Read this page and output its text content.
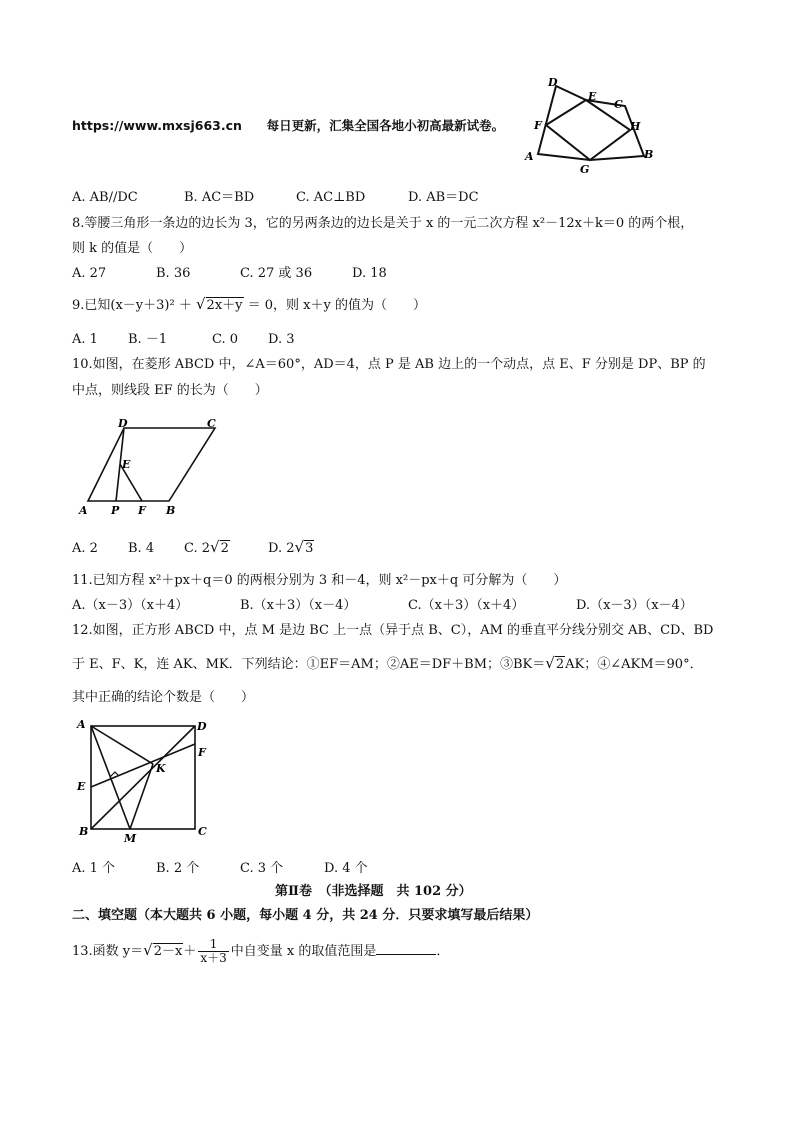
https://www.mxsj663.cn 每日更新，汇集全国各地小初高最新试卷。
D
E
C
F	H
A
G
B
A. AB//DC	B. AC＝BD	C. AC⊥BD	D. AB＝DC
8.等腰三角形一条边的边长为 3，它的另两条边的边长是关于 x 的一元二次方程 x²－12x＋k＝0 的两个根，
则 k 的值是（　　）
A. 27	B. 36	C. 27 或 36	D. 18
9.已知(x－y＋3)² ＋ √2x＋y ＝ 0，则 x＋y 的值为（　　）
A. 1 B. －1	C. 0 D. 3
10.如图，在菱形 ABCD 中，∠A＝60°，AD＝4，点 P 是 AB 边上的一个动点，点 E、F 分别是 DP、BP 的
中点，则线段 EF 的长为（　　）
D	C
E
A P F B
A. 2 B. 4 C. 2√2	D. 2√3
11.已知方程 x²＋px＋q＝0 的两根分别为 3 和－4，则 x²－px＋q 可分解为（　　）
A.（x－3）（x＋4）	B.（x＋3）（x－4）	C.（x＋3）（x＋4）	D.（x－3）（x－4）
12.如图，正方形 ABCD 中，点 M 是边 BC 上一点（异于点 B、C），AM 的垂直平分线分别交 AB、CD、BD
于 E、F、K，连 AK、MK．下列结论：①EF＝AM；②AE＝DF＋BM；③BK＝√2AK；④∠AKM＝90°．
其中正确的结论个数是（　　）
A	D
F
E
K
B
M
C
A. 1 个	B. 2 个	C. 3 个	D. 4 个
第Ⅱ卷　（非选择题　共 102 分）
二、填空题（本大题共 6 小题，每小题 4 分，共 24 分．只要求填写最后结果）
13.函数 $y=√2-x+ \frac{1}{x+3}$ 中自变量 x 的取值范围是	．
